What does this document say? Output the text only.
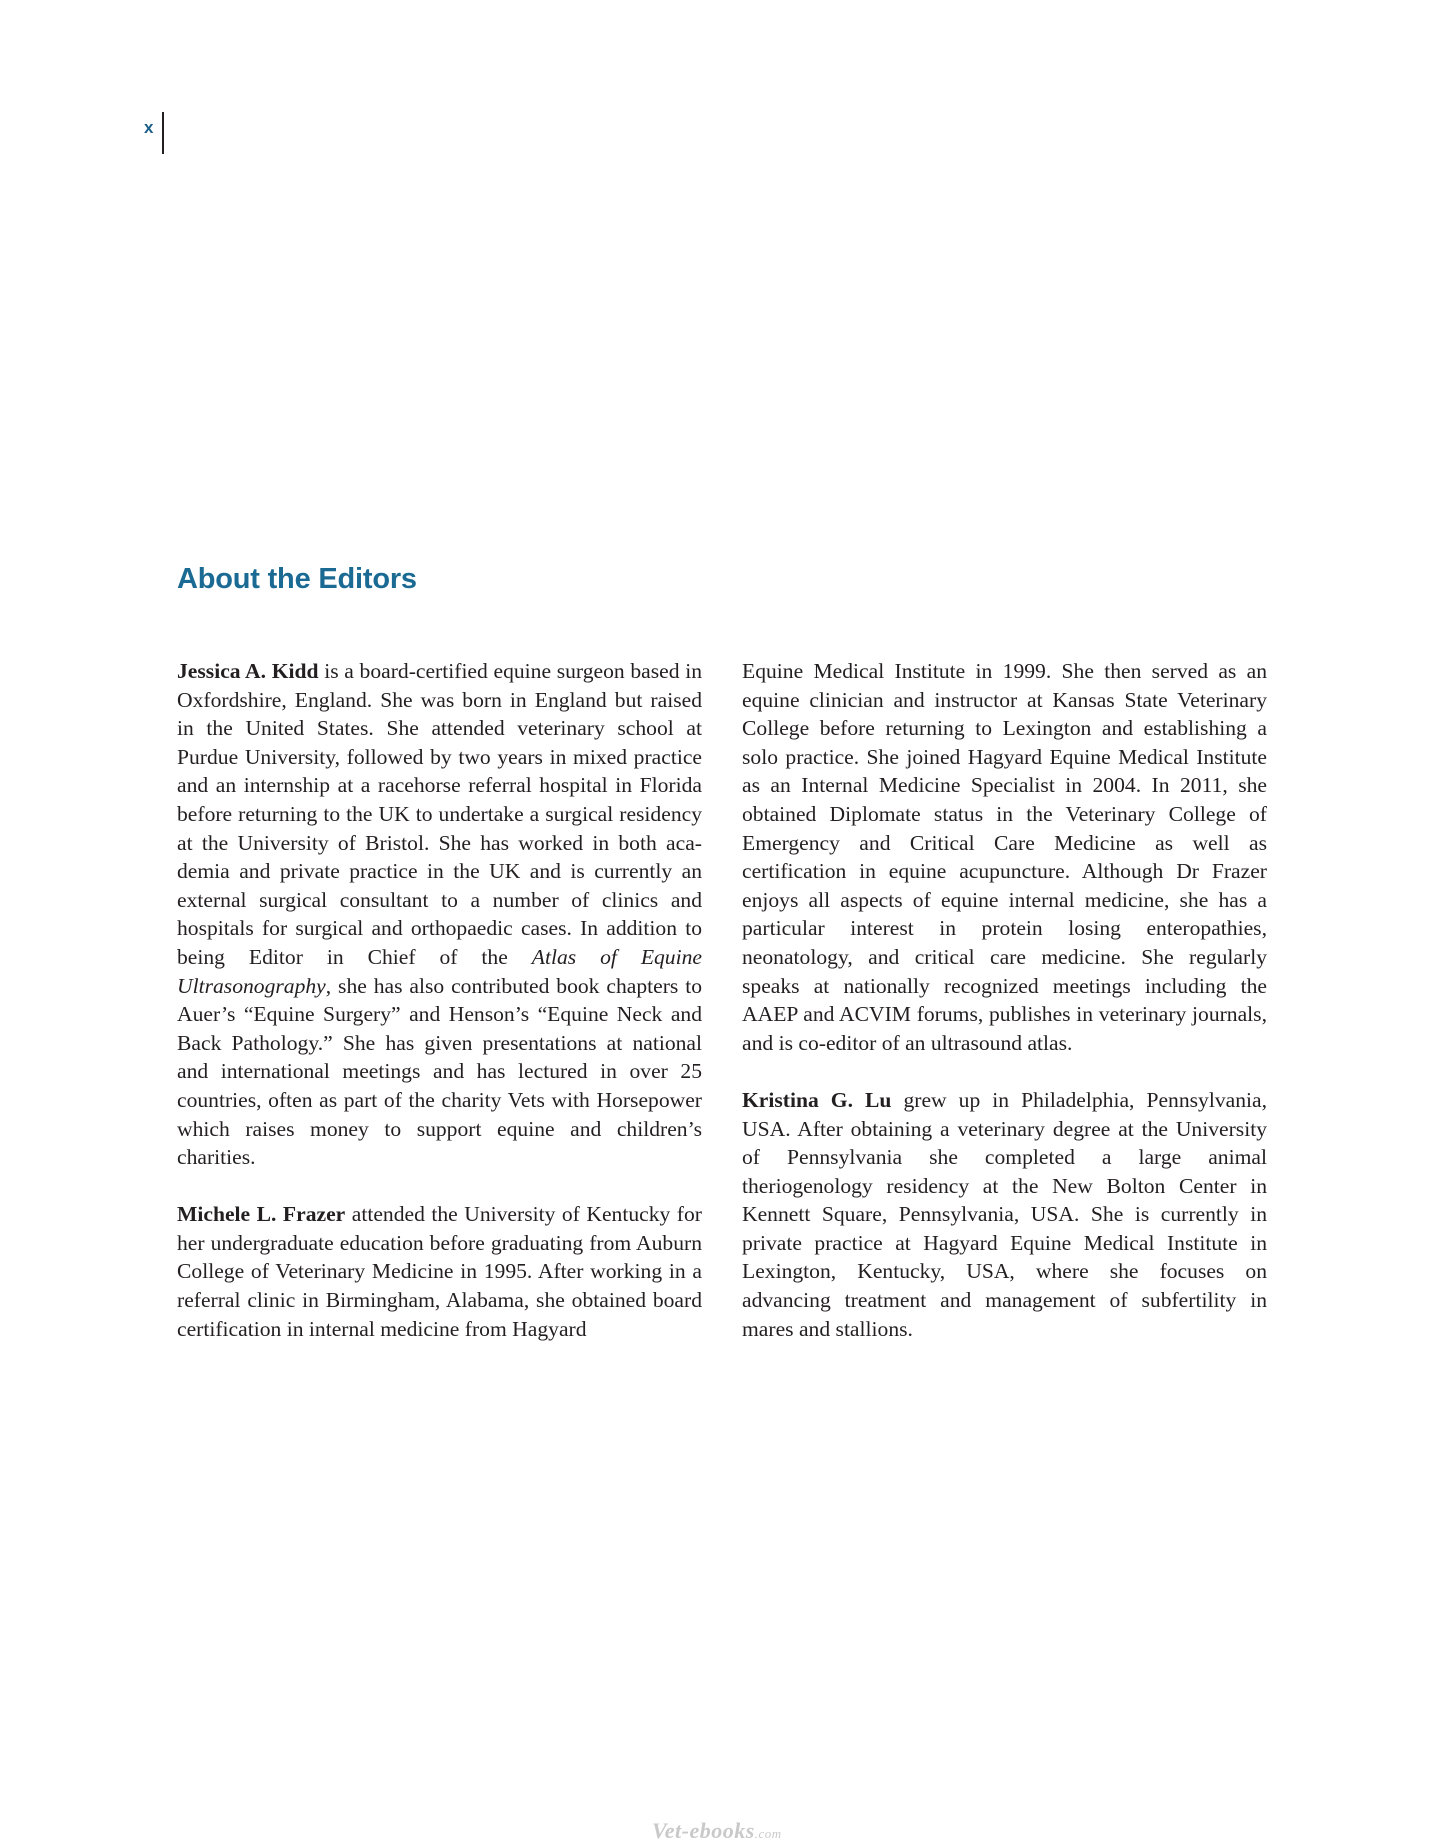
x
About the Editors

Jessica A. Kidd is a board-certified equine surgeon based in Oxfordshire, England. She was born in England but raised in the United States. She attended veterinary school at Purdue University, followed by two years in mixed practice and an internship at a racehorse referral hospital in Florida before returning to the UK to undertake a surgical residency at the University of Bristol. She has worked in both academia and private practice in the UK and is currently an external surgical consultant to a number of clinics and hospitals for surgical and orthopaedic cases. In addition to being Editor in Chief of the Atlas of Equine Ultrasonography, she has also contributed book chapters to Auer’s “Equine Surgery” and Henson’s “Equine Neck and Back Pathology.” She has given presentations at national and international meetings and has lectured in over 25 countries, often as part of the charity Vets with Horsepower which raises money to support equine and children’s charities.

Michele L. Frazer attended the University of Kentucky for her undergraduate education before graduating from Auburn College of Veterinary Medicine in 1995. After working in a referral clinic in Birmingham, Alabama, she obtained board certification in internal medicine from Hagyard

Equine Medical Institute in 1999. She then served as an equine clinician and instructor at Kansas State Veterinary College before returning to Lexington and establishing a solo practice. She joined Hagyard Equine Medical Institute as an Internal Medicine Specialist in 2004. In 2011, she obtained Diplomate status in the Veterinary College of Emergency and Critical Care Medicine as well as certification in equine acupuncture. Although Dr Frazer enjoys all aspects of equine internal medicine, she has a particular interest in protein losing enteropathies, neonatology, and critical care medicine. She regularly speaks at nationally recognized meetings including the AAEP and ACVIM forums, publishes in veterinary journals, and is co-editor of an ultrasound atlas.

Kristina G. Lu grew up in Philadelphia, Pennsylvania, USA. After obtaining a veterinary degree at the University of Pennsylvania she completed a large animal theriogenology residency at the New Bolton Center in Kennett Square, Pennsylvania, USA. She is currently in private practice at Hagyard Equine Medical Institute in Lexington, Kentucky, USA, where she focuses on advancing treatment and management of subfertility in mares and stallions.

Vet-ebooks.com
